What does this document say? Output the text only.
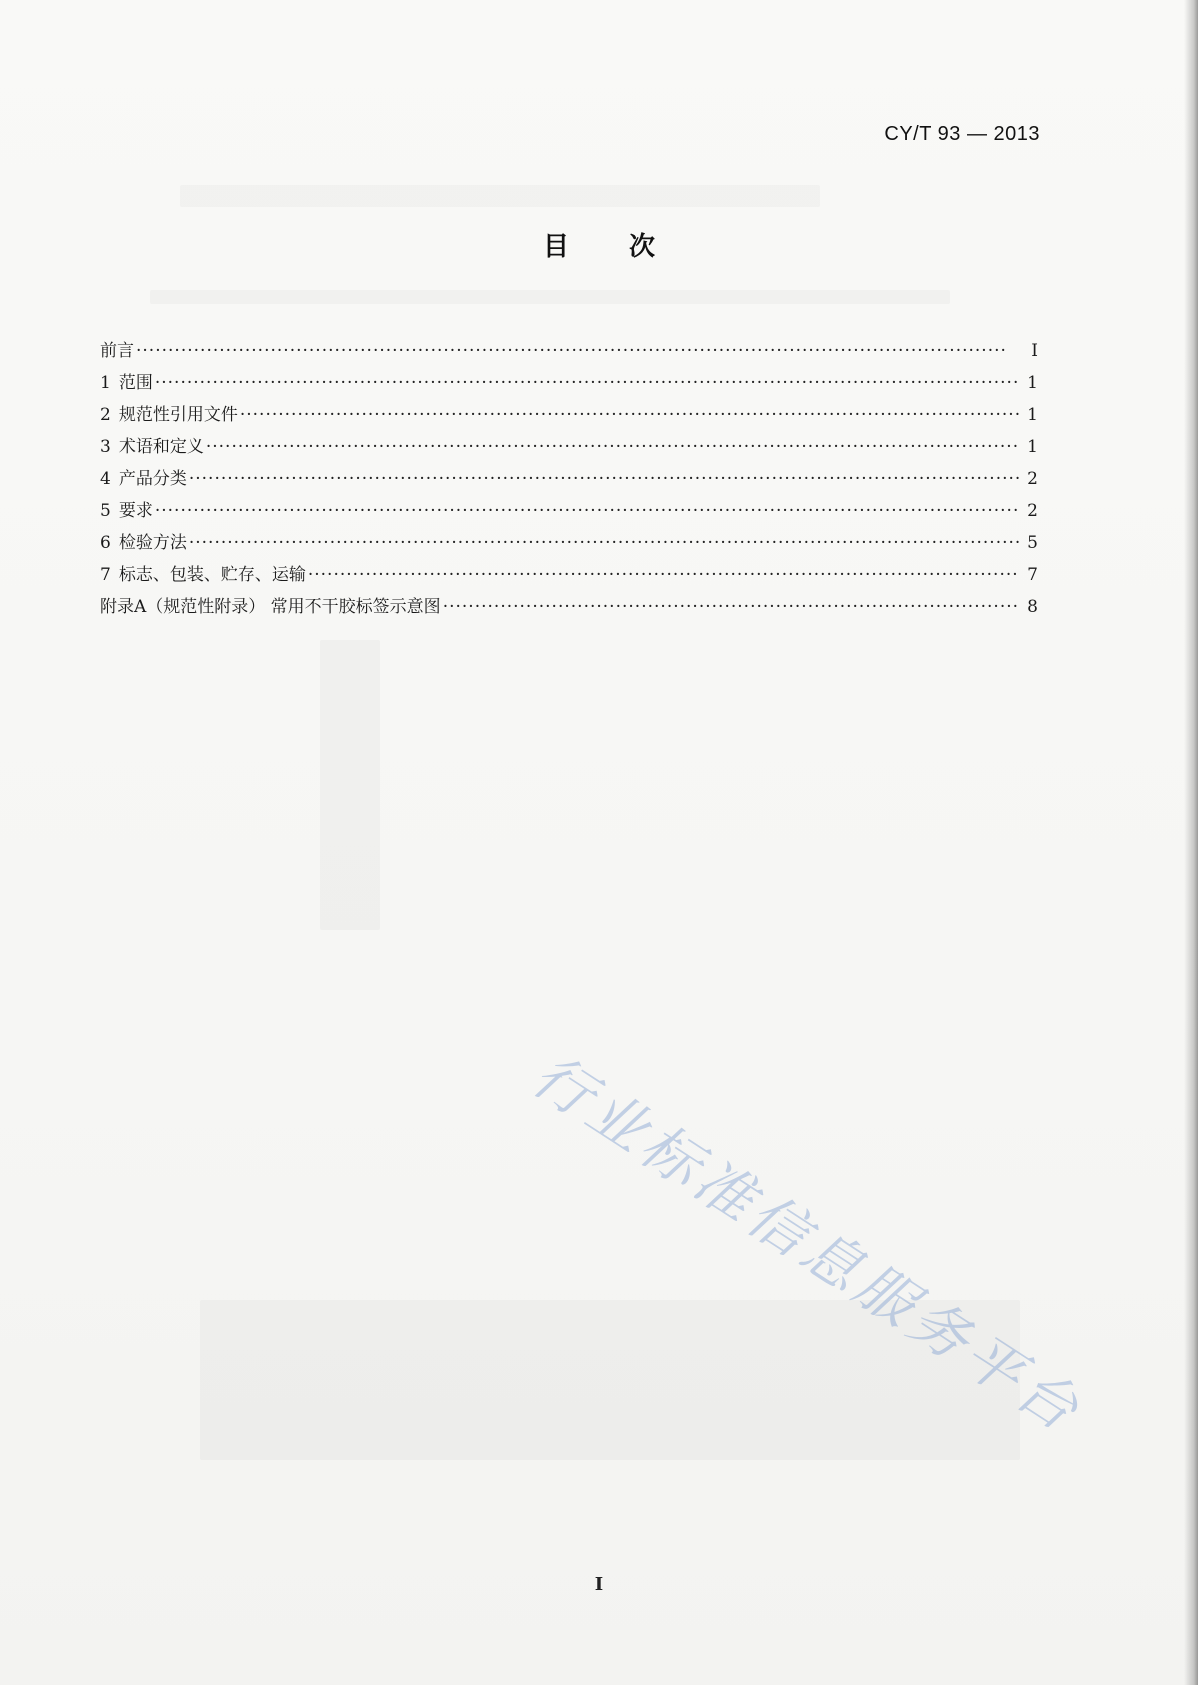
CY/T 93 — 2013
目次
前言 ·····	I
1 范围 ·····	1
2 规范性引用文件 ·····	1
3 术语和定义 ·····	1
4 产品分类 ·····	2
5 要求 ·····	2
6 检验方法 ·····	5
7 标志、包装、贮存、运输 ·····	7
附录A（规范性附录） 常用不干胶标签示意图 ·····	8
行业标准信息服务平台
I
